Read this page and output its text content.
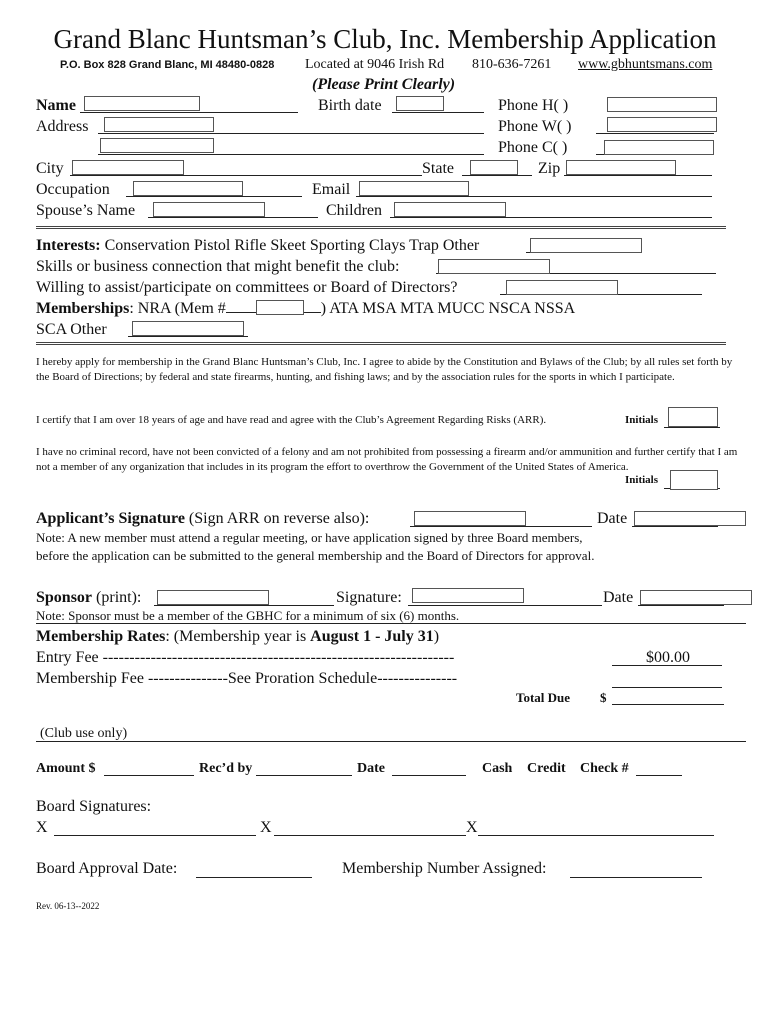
Grand Blanc Huntsman’s Club, Inc. Membership Application
P.O. Box 828 Grand Blanc, MI 48480-0828 Located at 9046 Irish Rd 810-636-7261 www.gbhuntsmans.com
(Please Print Clearly)
Name	Birth date	Phone H( )
Address	Phone W( )
Phone C( )
City	State	Zip
Occupation	Email
Spouse’s Name	Children
Interests: Conservation Pistol Rifle Skeet Sporting Clays Trap Other
Skills or business connection that might benefit the club:
Willing to assist/participate on committees or Board of Directors?
Memberships: NRA (Mem #	) ATA MSA MTA MUCC NSCA NSSA
SCA Other
I hereby apply for membership in the Grand Blanc Huntsman’s Club, Inc. I agree to abide by the Constitution and Bylaws of the Club; by all rules set forth by the Board of Directions; by federal and state firearms, hunting, and fishing laws; and by the association rules for the sports in which I participate.
I certify that I am over 18 years of age and have read and agree with the Club’s Agreement Regarding Risks (ARR).	Initials
I have no criminal record, have not been convicted of a felony and am not prohibited from possessing a firearm and/or ammunition and further certify that I am not a member of any organization that includes in its program the effort to overthrow the Government of the United States of America.
Initials
Applicant’s Signature (Sign ARR on reverse also):	Date
Note: A new member must attend a regular meeting, or have application signed by three Board members,
before the application can be submitted to the general membership and the Board of Directors for approval.
Sponsor (print):	Signature:	Date
Note: Sponsor must be a member of the GBHC for a minimum of six (6) months.
Membership Rates: (Membership year is August 1 - July 31)
Entry Fee ------------------------------------------------------------------	$00.00
Membership Fee ---------------See Proration Schedule---------------
Total Due $
(Club use only)
Amount $	Rec’d by	Date	Cash Credit Check #
Board Signatures:
X	X	X
Board Approval Date:	Membership Number Assigned:
Rev. 06-13--2022
